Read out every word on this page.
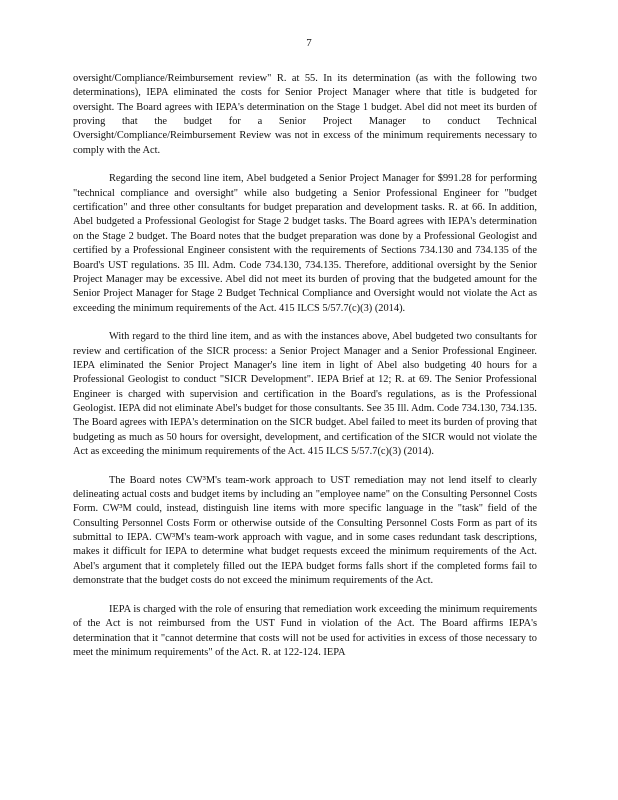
7

oversight/Compliance/Reimbursement review" R. at 55. In its determination (as with the following two determinations), IEPA eliminated the costs for Senior Project Manager where that title is budgeted for oversight. The Board agrees with IEPA's determination on the Stage 1 budget. Abel did not meet its burden of proving that the budget for a Senior Project Manager to conduct Technical Oversight/Compliance/Reimbursement Review was not in excess of the minimum requirements necessary to comply with the Act.

Regarding the second line item, Abel budgeted a Senior Project Manager for $991.28 for performing "technical compliance and oversight" while also budgeting a Senior Professional Engineer for "budget certification" and three other consultants for budget preparation and development tasks. R. at 66. In addition, Abel budgeted a Professional Geologist for Stage 2 budget tasks. The Board agrees with IEPA's determination on the Stage 2 budget. The Board notes that the budget preparation was done by a Professional Geologist and certified by a Professional Engineer consistent with the requirements of Sections 734.130 and 734.135 of the Board's UST regulations. 35 Ill. Adm. Code 734.130, 734.135. Therefore, additional oversight by the Senior Project Manager may be excessive. Abel did not meet its burden of proving that the budgeted amount for the Senior Project Manager for Stage 2 Budget Technical Compliance and Oversight would not violate the Act as exceeding the minimum requirements of the Act. 415 ILCS 5/57.7(c)(3) (2014).

With regard to the third line item, and as with the instances above, Abel budgeted two consultants for review and certification of the SICR process: a Senior Project Manager and a Senior Professional Engineer. IEPA eliminated the Senior Project Manager's line item in light of Abel also budgeting 40 hours for a Professional Geologist to conduct "SICR Development". IEPA Brief at 12; R. at 69. The Senior Professional Engineer is charged with supervision and certification in the Board's regulations, as is the Professional Geologist. IEPA did not eliminate Abel's budget for those consultants. See 35 Ill. Adm. Code 734.130, 734.135. The Board agrees with IEPA's determination on the SICR budget. Abel failed to meet its burden of proving that budgeting as much as 50 hours for oversight, development, and certification of the SICR would not violate the Act as exceeding the minimum requirements of the Act. 415 ILCS 5/57.7(c)(3) (2014).

The Board notes CW³M's team-work approach to UST remediation may not lend itself to clearly delineating actual costs and budget items by including an "employee name" on the Consulting Personnel Costs Form. CW³M could, instead, distinguish line items with more specific language in the "task" field of the Consulting Personnel Costs Form or otherwise outside of the Consulting Personnel Costs Form as part of its submittal to IEPA. CW³M's team-work approach with vague, and in some cases redundant task descriptions, makes it difficult for IEPA to determine what budget requests exceed the minimum requirements of the Act. Abel's argument that it completely filled out the IEPA budget forms falls short if the completed forms fail to demonstrate that the budget costs do not exceed the minimum requirements of the Act.

IEPA is charged with the role of ensuring that remediation work exceeding the minimum requirements of the Act is not reimbursed from the UST Fund in violation of the Act. The Board affirms IEPA's determination that it "cannot determine that costs will not be used for activities in excess of those necessary to meet the minimum requirements" of the Act. R. at 122-124. IEPA
